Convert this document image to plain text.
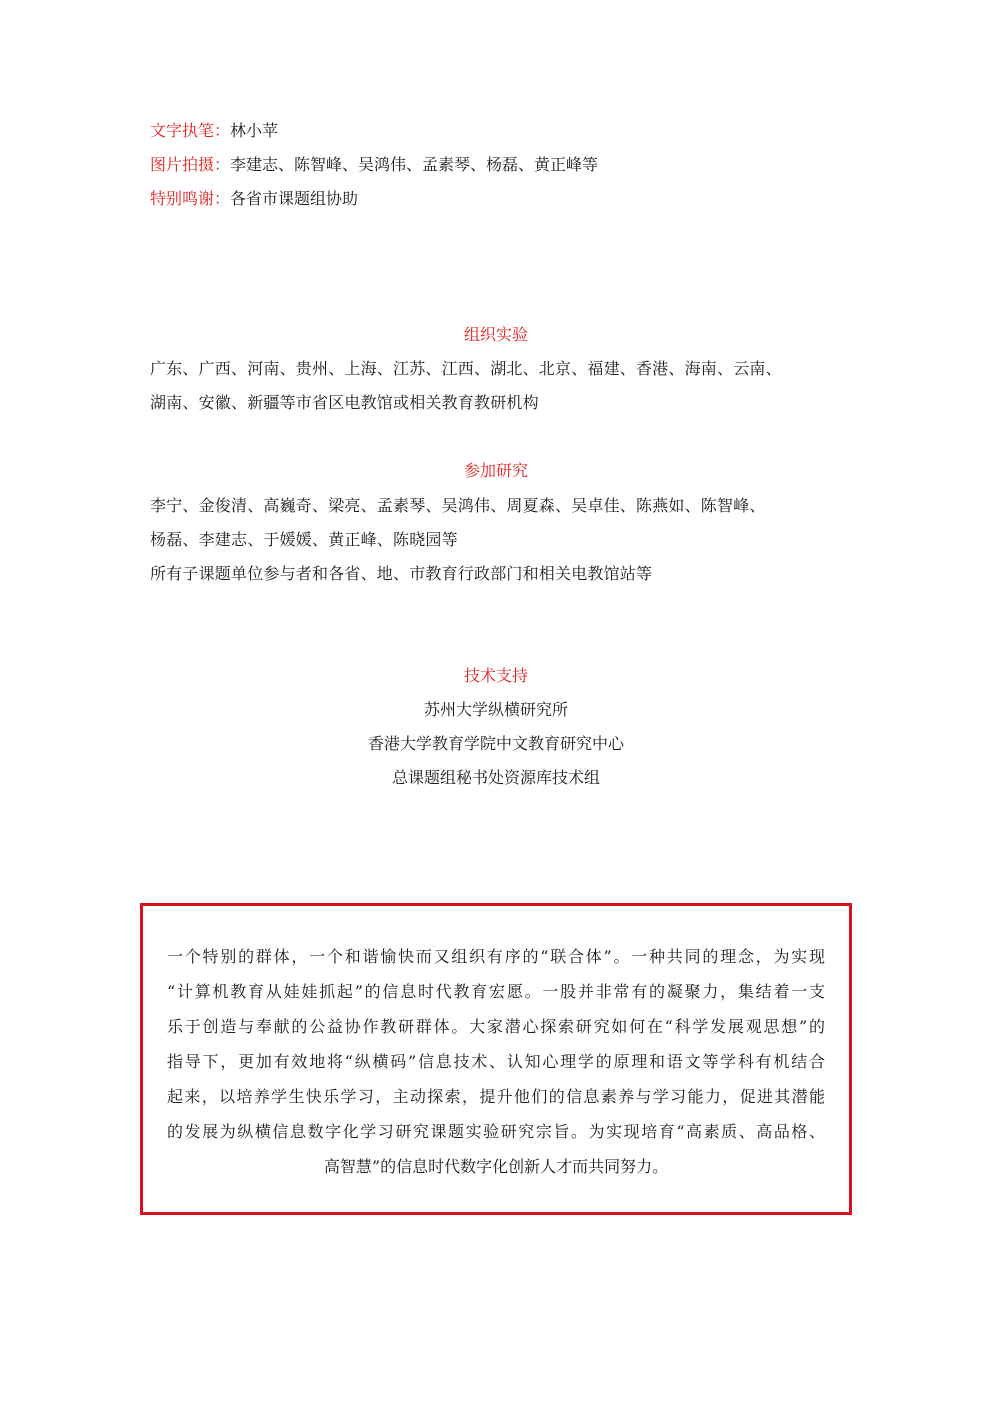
文字执笔：林小苹
图片拍摄：李建志、陈智峰、吴鸿伟、孟素琴、杨磊、黄正峰等
特别鸣谢：各省市课题组协助
组织实验
广东、广西、河南、贵州、上海、江苏、江西、湖北、北京、福建、香港、海南、云南、
湖南、安徽、新疆等市省区电教馆或相关教育教研机构
参加研究
李宁、金俊清、高巍奇、梁亮、孟素琴、吴鸿伟、周夏森、吴卓佳、陈燕如、陈智峰、
杨磊、李建志、于媛媛、黄正峰、陈晓园等
所有子课题单位参与者和各省、地、市教育行政部门和相关电教馆站等
技术支持
苏州大学纵横研究所
香港大学教育学院中文教育研究中心
总课题组秘书处资源库技术组
一个特别的群体，一个和谐愉快而又组织有序的“联合体”。一种共同的理念，为实现
“计算机教育从娃娃抓起”的信息时代教育宏愿。一股并非常有的凝聚力，集结着一支
乐于创造与奉献的公益协作教研群体。大家潜心探索研究如何在“科学发展观思想”的
指导下，更加有效地将“纵横码”信息技术、认知心理学的原理和语文等学科有机结合
起来，以培养学生快乐学习，主动探索，提升他们的信息素养与学习能力，促进其潜能
的发展为纵横信息数字化学习研究课题实验研究宗旨。为实现培育“高素质、高品格、
高智慧”的信息时代数字化创新人才而共同努力。
